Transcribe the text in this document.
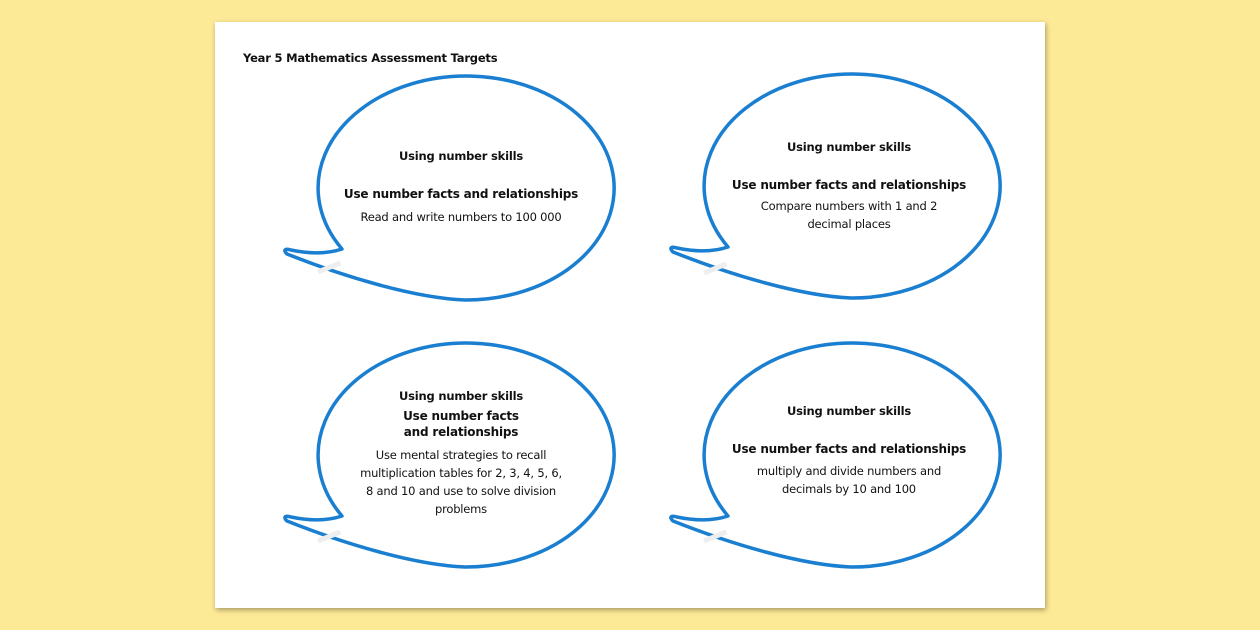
Year 5 Mathematics Assessment Targets
Using number skills
Use number facts and relationships
Read and write numbers to 100 000
Using number skills
Use number facts and relationships
Compare numbers with 1 and 2
decimal places
Using number skills
Use number facts
and relationships
Use mental strategies to recall
multiplication tables for 2, 3, 4, 5, 6,
8 and 10 and use to solve division
problems
Using number skills
Use number facts and relationships
multiply and divide numbers and
decimals by 10 and 100
